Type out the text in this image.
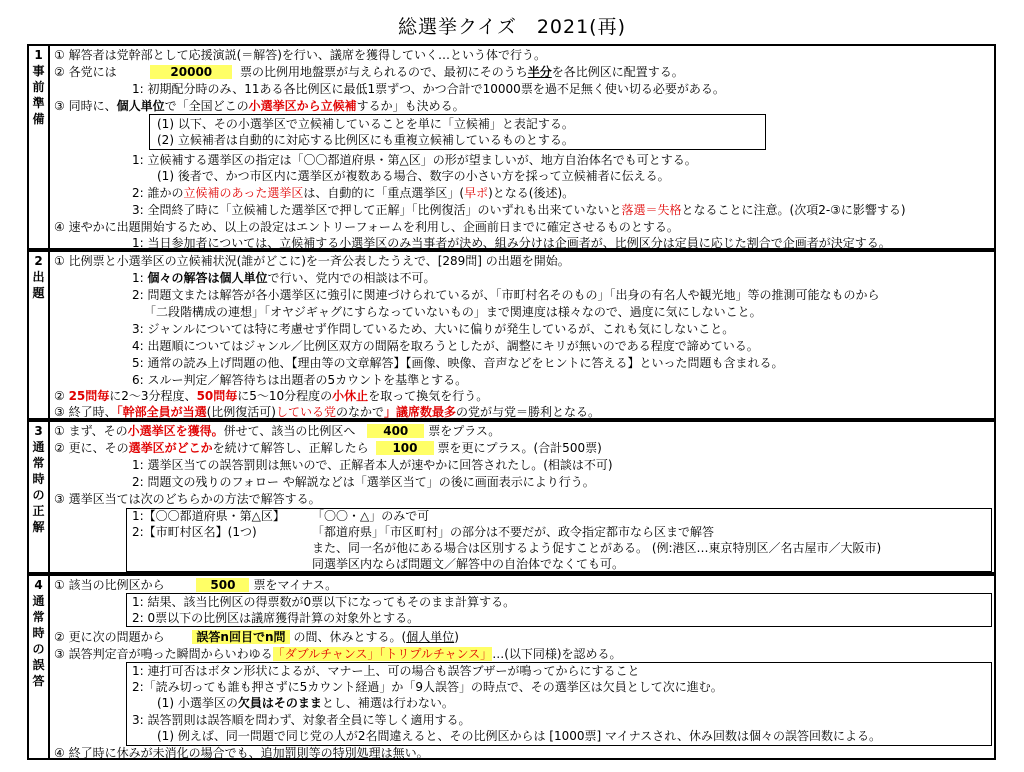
総選挙クイズ　2021(再)
1
事
前
準
備
① 解答者は党幹部として応援演説(＝解答)を行い、議席を獲得していく…という体で行う。
② 各党には	20000 票の比例用地盤票が与えられるので、最初にそのうち半分を各比例区に配置する。
1: 初期配分時のみ、11ある各比例区に最低1票ずつ、かつ合計で10000票を過不足無く使い切る必要がある。
③ 同時に、個人単位で「全国どこの小選挙区から立候補するか」も決める。
(1) 以下、その小選挙区で立候補していることを単に「立候補」と表記する。
(2) 立候補者は自動的に対応する比例区にも重複立候補しているものとする。
1: 立候補する選挙区の指定は「〇〇都道府県・第△区」の形が望ましいが、地方自治体名でも可とする。
(1) 後者で、かつ市区内に選挙区が複数ある場合、数字の小さい方を採って立候補者に伝える。
2: 誰かの立候補のあった選挙区は、自動的に「重点選挙区」(早ポ)となる(後述)。
3: 全問終了時に「立候補した選挙区で押して正解」「比例復活」のいずれも出来ていないと落選＝失格となることに注意。(次項2-③に影響する)
④ 速やかに出題開始するため、以上の設定はエントリーフォームを利用し、企画前日までに確定させるものとする。
1: 当日参加者については、立候補する小選挙区のみ当事者が決め、組み分けは企画者が、比例区分は定員に応じた割合で企画者が決定する。
2
出
題
① 比例票と小選挙区の立候補状況(誰がどこに)を一斉公表したうえで、[289問] の出題を開始。
1: 個々の解答は個人単位で行い、党内での相談は不可。
2: 問題文または解答が各小選挙区に強引に関連づけられているが、「市町村名そのもの」「出身の有名人や観光地」等の推測可能なものから
「二段階構成の連想」「オヤジギャグにすらなっていないもの」まで関連度は様々なので、過度に気にしないこと。
3: ジャンルについては特に考慮せず作問しているため、大いに偏りが発生しているが、これも気にしないこと。
4: 出題順についてはジャンル／比例区双方の間隔を取ろうとしたが、調整にキリが無いのである程度で諦めている。
5: 通常の読み上げ問題の他、【理由等の文章解答】【画像、映像、音声などをヒントに答える】といった問題も含まれる。
6: スルー判定／解答待ちは出題者の5カウントを基準とする。
② 25問毎に2～3分程度、50問毎に5～10分程度の小休止を取って換気を行う。
③ 終了時、「幹部全員が当選(比例復活可)している党のなかで」議席数最多の党が与党＝勝利となる。
3
通
常
時
の
正
解
① まず、その小選挙区を獲得。併せて、該当の比例区へ 400 票をプラス。
② 更に、その選挙区がどこかを続けて解答し、正解したら 100 票を更にプラス。(合計500票)
1: 選挙区当ての誤答罰則は無いので、正解者本人が速やかに回答されたし。(相談は不可)
2: 問題文の残りのフォロー や解説などは「選挙区当て」の後に画面表示により行う。
③ 選挙区当ては次のどちらかの方法で解答する。
1:【〇〇都道府県・第△区】 「〇〇・△」のみで可
2:【市町村区名】(1つ)	「都道府県」「市区町村」の部分は不要だが、政令指定都市なら区まで解答
また、同一名が他にある場合は区別するよう促すことがある。 (例:港区…東京特別区／名古屋市／大阪市)
同選挙区内ならば問題文／解答中の自治体でなくても可。
4
通
常
時
の
誤
答
① 該当の比例区から	500 票をマイナス。
1: 結果、該当比例区の得票数が0票以下になってもそのまま計算する。
2: 0票以下の比例区は議席獲得計算の対象外とする。
② 更に次の問題から	誤答n回目でn問 の間、休みとする。(個人単位)
③ 誤答判定音が鳴った瞬間からいわゆる「ダブルチャンス」「トリプルチャンス」…(以下同様)を認める。
1: 連打可否はボタン形状によるが、マナー上、可の場合も誤答ブザーが鳴ってからにすること
2:「読み切っても誰も押さずに5カウント経過」か「9人誤答」の時点で、その選挙区は欠員として次に進む。
(1) 小選挙区の欠員はそのままとし、補選は行わない。
3: 誤答罰則は誤答順を問わず、対象者全員に等しく適用する。
(1) 例えば、同一問題で同じ党の人が2名間違えると、その比例区からは [1000票] マイナスされ、休み回数は個々の誤答回数による。
④ 終了時に休みが未消化の場合でも、追加罰則等の特別処理は無い。
